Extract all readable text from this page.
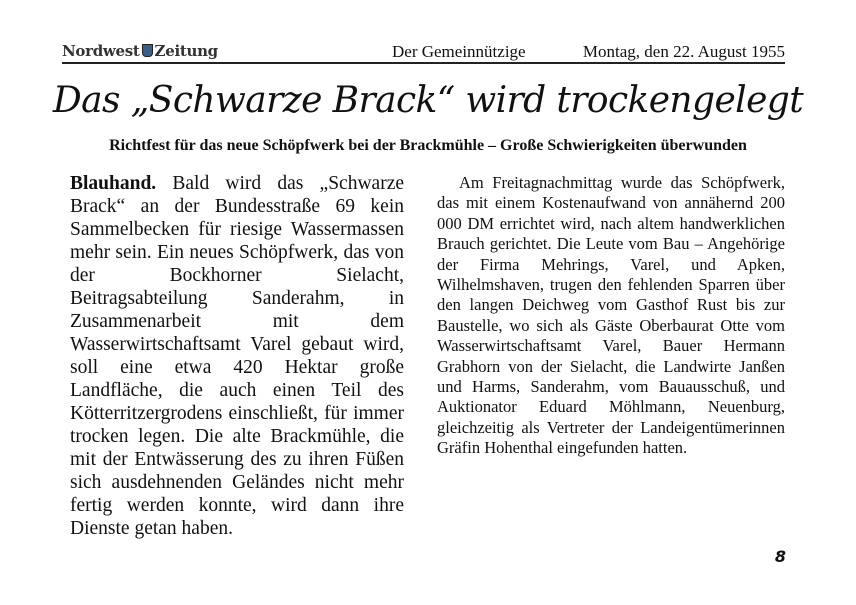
Nordwest Zeitung	Der Gemeinnützige	Montag, den 22. August 1955
Das „Schwarze Brack“ wird trockengelegt
Richtfest für das neue Schöpfwerk bei der Brackmühle – Große Schwierigkeiten überwunden

Blauhand. Bald wird das „Schwarze Brack“ an der Bundesstraße 69 kein Sammelbecken für riesige Wassermassen mehr sein. Ein neues Schöpfwerk, das von der Bockhorner Sielacht, Beitragsabteilung Sanderahm, in Zusammenarbeit mit dem Wasserwirtschaftsamt Varel gebaut wird, soll eine etwa 420 Hektar große Landfläche, die auch einen Teil des Kötterritzergrodens einschließt, für immer trocken legen. Die alte Brackmühle, die mit der Entwässerung des zu ihren Füßen sich ausdehnenden Geländes nicht mehr fertig werden konnte, wird dann ihre Dienste getan haben.

Am Freitagnachmittag wurde das Schöpfwerk, das mit einem Kostenaufwand von annähernd 200 000 DM errichtet wird, nach altem handwerklichen Brauch gerichtet. Die Leute vom Bau – Angehörige der Firma Mehrings, Varel, und Apken, Wilhelmshaven, trugen den fehlenden Sparren über den langen Deichweg vom Gasthof Rust bis zur Baustelle, wo sich als Gäste Oberbaurat Otte vom Wasserwirtschaftsamt Varel, Bauer Hermann Grabhorn von der Sielacht, die Landwirte Janßen und Harms, Sanderahm, vom Bauausschuß, und Auktionator Eduard Möhlmann, Neuenburg, gleichzeitig als Vertreter der Landeigentümerinnen Gräfin Hohenthal eingefunden hatten.

8
